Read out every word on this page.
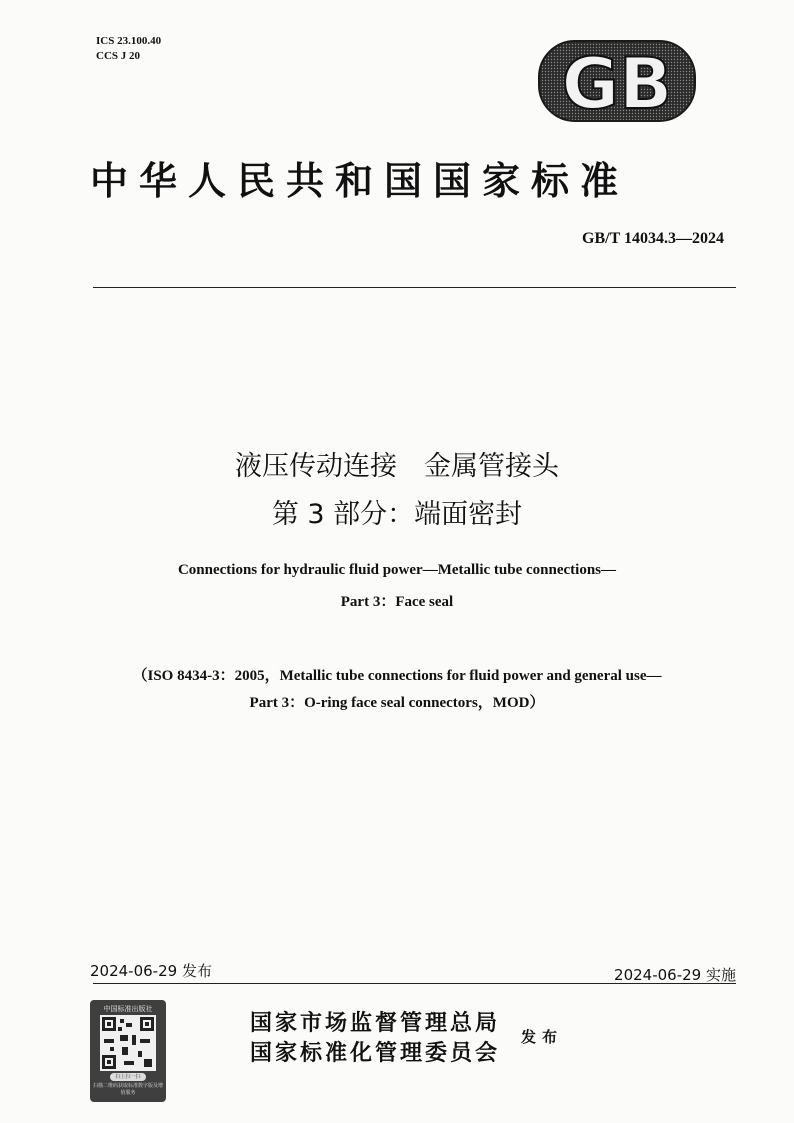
ICS 23.100.40
CCS J 20	GB
中华人民共和国国家标准
GB/T 14034.3—2024
液压传动连接　金属管接头
第 3 部分：端面密封
Connections for hydraulic fluid power—Metallic tube connections—
Part 3：Face seal
（ISO 8434-3：2005，Metallic tube connections for fluid power and general use—
Part 3：O-ring face seal connectors，MOD）
2024-06-29 发布	2024-06-29 实施
中国标准出版社
扫上扫一扫
扫描二维码获取标准数字版及增值服务
国家市场监督管理总局
国家标准化管理委员会
发布
